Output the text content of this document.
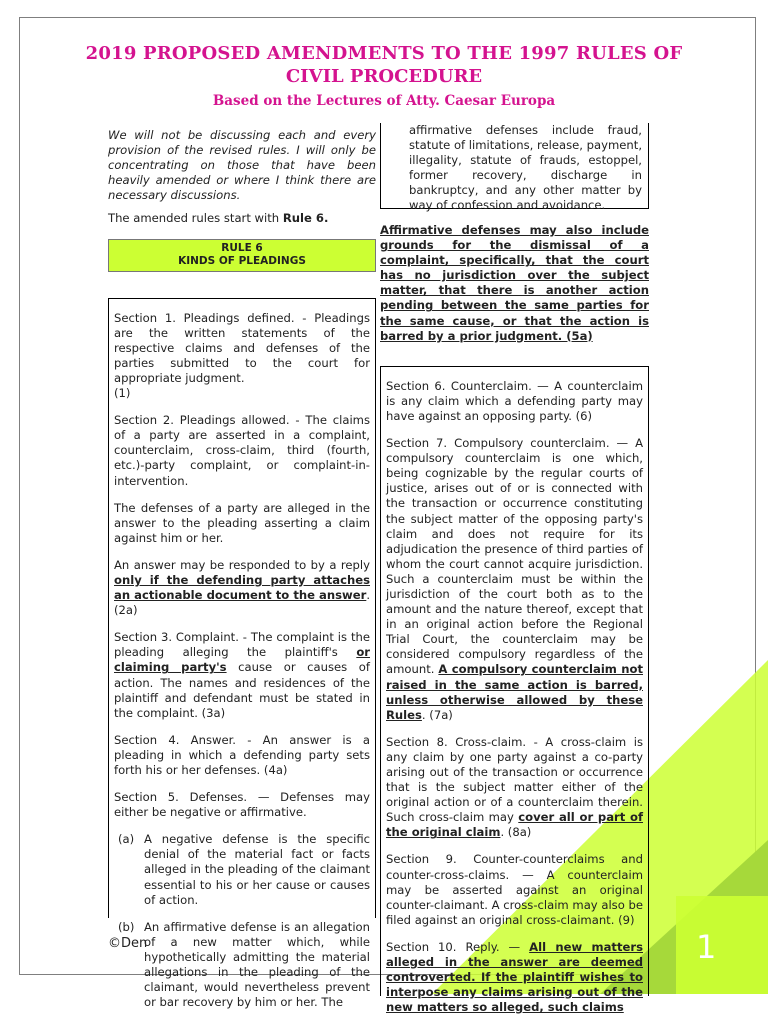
2019 PROPOSED AMENDMENTS TO THE 1997 RULES OF
CIVIL PROCEDURE
Based on the Lectures of Atty. Caesar Europa

We will not be discussing each and every provision of the revised rules. I will only be concentrating on those that have been heavily amended or where I think there are necessary discussions.

The amended rules start with Rule 6.

RULE 6
KINDS OF PLEADINGS

Section 1. Pleadings defined. - Pleadings are the written statements of the respective claims and defenses of the parties submitted to the court for appropriate judgment.

(1)

Section 2. Pleadings allowed. - The claims of a party are asserted in a complaint, counterclaim, cross-claim, third (fourth, etc.)-party complaint, or complaint-in- intervention.

The defenses of a party are alleged in the answer to the pleading asserting a claim against him or her.

An answer may be responded to by a reply only if the defending party attaches an actionable document to the answer. (2a)

Section 3. Complaint. - The complaint is the pleading alleging the plaintiff's or claiming party's cause or causes of action. The names and residences of the plaintiff and defendant must be stated in the complaint. (3a)

Section 4. Answer. - An answer is a pleading in which a defending party sets forth his or her defenses. (4a)

Section 5. Defenses. — Defenses may either be negative or affirmative.

(a) A negative defense is the specific denial of the material fact or facts alleged in the pleading of the claimant essential to his or her cause or causes of action.
(b) An affirmative defense is an allegation of a new matter which, while hypothetically admitting the material allegations in the pleading of the claimant, would nevertheless prevent or bar recovery by him or her. The
affirmative defenses include fraud, statute of limitations, release, payment, illegality, statute of frauds, estoppel, former recovery, discharge in bankruptcy, and any other matter by way of confession and avoidance.

Affirmative defenses may also include grounds for the dismissal of a complaint, specifically, that the court has no jurisdiction over the subject matter, that there is another action pending between the same parties for the same cause, or that the action is barred by a prior judgment. (5a)

Section 6. Counterclaim. — A counterclaim is any claim which a defending party may have against an opposing party. (6)

Section 7. Compulsory counterclaim. — A compulsory counterclaim is one which, being cognizable by the regular courts of justice, arises out of or is connected with the transaction or occurrence constituting the subject matter of the opposing party's claim and does not require for its adjudication the presence of third parties of whom the court cannot acquire jurisdiction. Such a counterclaim must be within the jurisdiction of the court both as to the amount and the nature thereof, except that in an original action before the Regional Trial Court, the counterclaim may be considered compulsory regardless of the amount. A compulsory counterclaim not raised in the same action is barred, unless otherwise allowed by these Rules. (7a)

Section 8. Cross-claim. - A cross-claim is any claim by one party against a co-party arising out of the transaction or occurrence that is the subject matter either of the original action or of a counterclaim therein. Such cross-claim may cover all or part of the original claim. (8a)

Section 9. Counter-counterclaims and counter-cross-claims. — A counterclaim may be asserted against an original counter-claimant. A cross-claim may also be filed against an original cross-claimant. (9)

Section 10. Reply. — All new matters alleged in the answer are deemed controverted. If the plaintiff wishes to interpose any claims arising out of the new matters so alleged, such claims

©Den	1
